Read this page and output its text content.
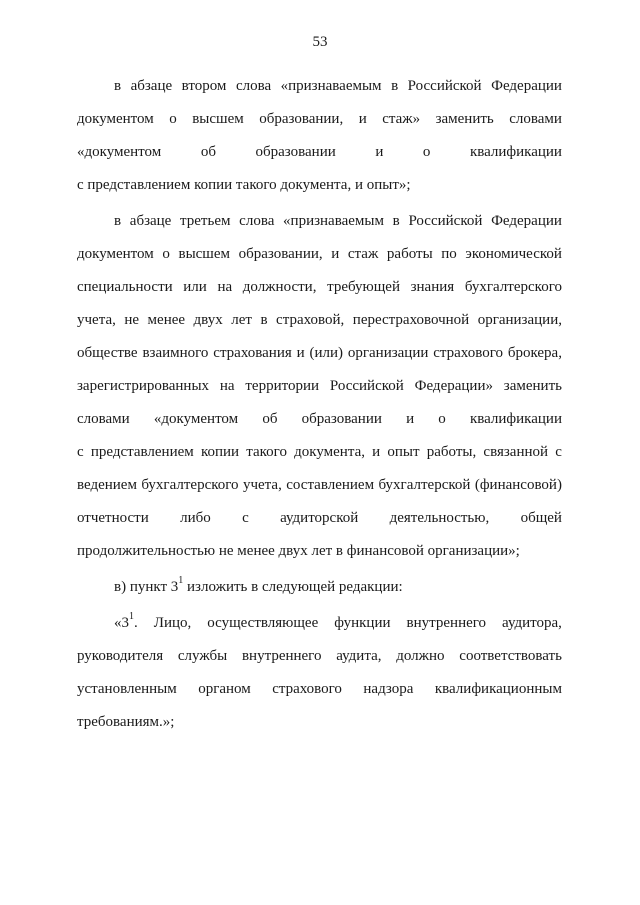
53
в абзаце втором слова «признаваемым в Российской Федерации
документом о высшем образовании, и стаж» заменить словами
«документом	об	образовании	и	о	квалификации
с представлением копии такого документа, и опыт»;
в абзаце третьем слова «признаваемым в Российской Федерации
документом о высшем образовании, и стаж работы по экономической
специальности или на должности, требующей знания бухгалтерского
учета, не менее двух лет в страховой, перестраховочной организации,
обществе взаимного страхования и (или) организации страхового брокера,
зарегистрированных на территории Российской Федерации» заменить
словами «документом об образовании и о квалификации
с представлением копии такого документа, и опыт работы, связанной с
ведением бухгалтерского учета, составлением бухгалтерской (финансовой)
отчетности либо с аудиторской деятельностью, общей
продолжительностью не менее двух лет в финансовой организации»;
в) пункт $3^1$ изложить в следующей редакции:
«$3^1$. Лицо, осуществляющее функции внутреннего аудитора,
руководителя службы внутреннего аудита, должно соответствовать
установленным органом страхового надзора квалификационным
требованиям.»;
